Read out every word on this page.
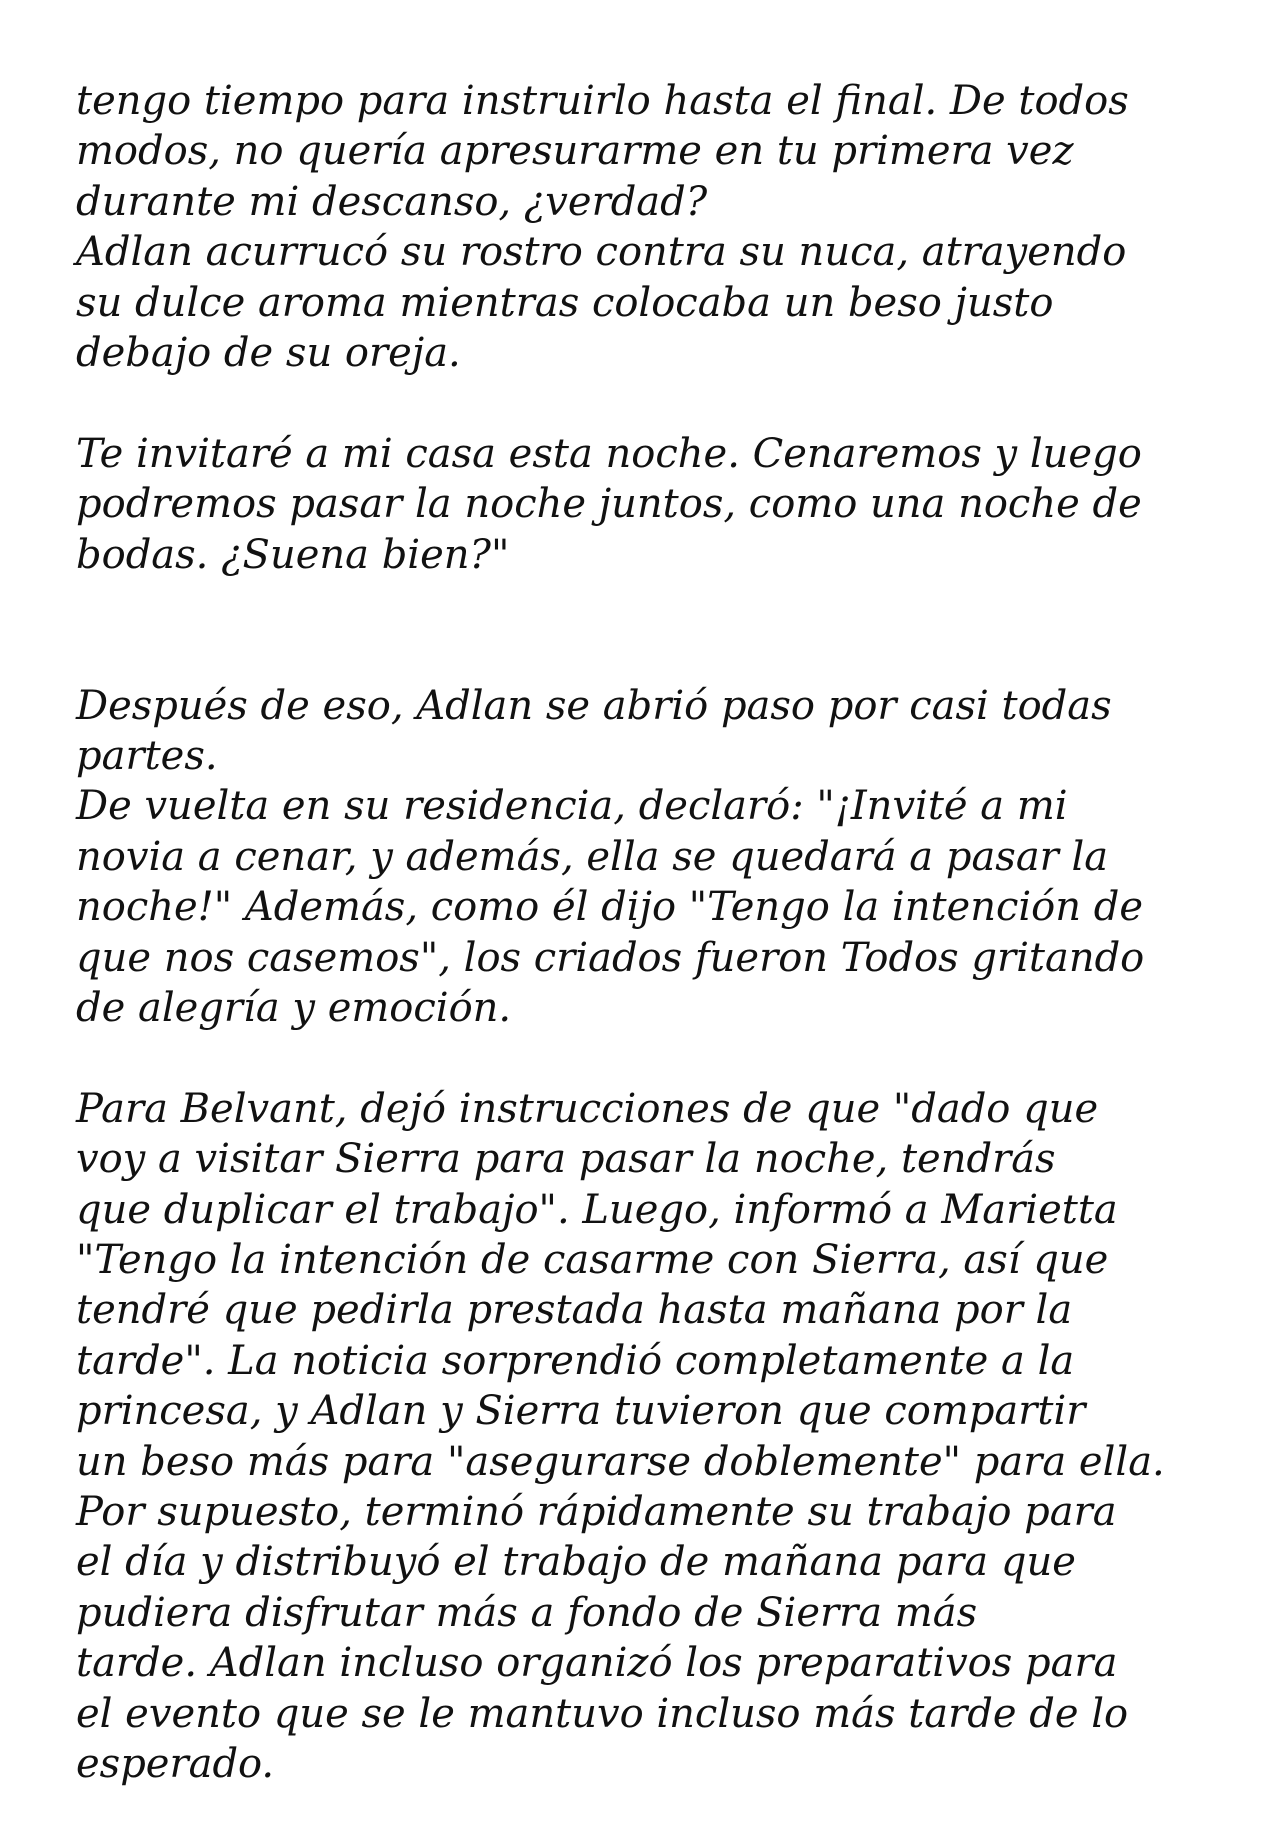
tengo tiempo para instruirlo hasta el final. De todos
modos, no quería apresurarme en tu primera vez
durante mi descanso, ¿verdad?
Adlan acurrucó su rostro contra su nuca, atrayendo
su dulce aroma mientras colocaba un beso justo
debajo de su oreja.
Te invitaré a mi casa esta noche. Cenaremos y luego
podremos pasar la noche juntos, como una noche de
bodas. ¿Suena bien?"
Después de eso, Adlan se abrió paso por casi todas
partes.
De vuelta en su residencia, declaró: "¡Invité a mi
novia a cenar, y además, ella se quedará a pasar la
noche!" Además, como él dijo "Tengo la intención de
que nos casemos", los criados fueron Todos gritando
de alegría y emoción.
Para Belvant, dejó instrucciones de que "dado que
voy a visitar Sierra para pasar la noche, tendrás
que duplicar el trabajo". Luego, informó a Marietta
"Tengo la intención de casarme con Sierra, así que
tendré que pedirla prestada hasta mañana por la
tarde". La noticia sorprendió completamente a la
princesa, y Adlan y Sierra tuvieron que compartir
un beso más para "asegurarse doblemente" para ella.
Por supuesto, terminó rápidamente su trabajo para
el día y distribuyó el trabajo de mañana para que
pudiera disfrutar más a fondo de Sierra más
tarde. Adlan incluso organizó los preparativos para
el evento que se le mantuvo incluso más tarde de lo
esperado.
